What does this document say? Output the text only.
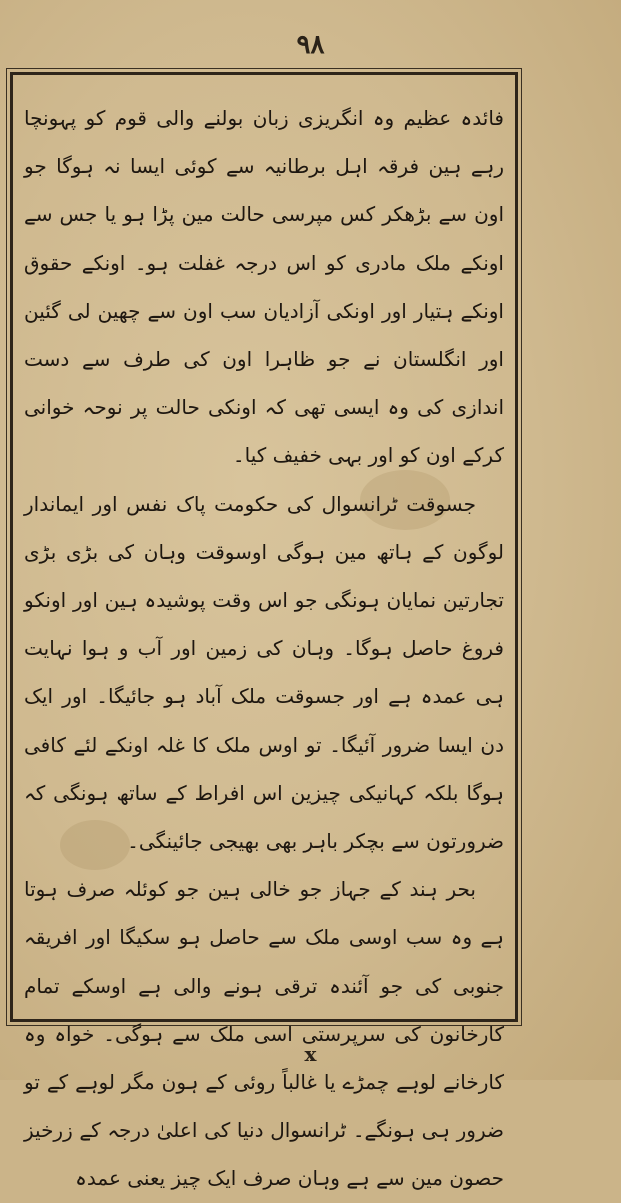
۹۸

فائدہ عظیم وہ انگریزی زبان بولنے والی قوم کو پہونچا رہے ہین فرقہ اہل برطانیہ سے کوئی ایسا نہ ہوگا جو اون سے بڑھکر کس مپرسی حالت مین پڑا ہو یا جس سے اونکے ملک مادری کو اس درجہ غفلت ہو۔ اونکے حقوق اونکے ہتیار اور اونکی آزادیان سب اون سے چھین لی گئین اور انگلستان نے جو ظاہرا اون کی طرف سے دست اندازی کی وہ ایسی تھی کہ اونکی حالت پر نوحہ خوانی کرکے اون کو اور بہی خفیف کیا۔

جسوقت ٹرانسوال کی حکومت پاک نفس اور ایماندار لوگون کے ہاتھ مین ہوگی اوسوقت وہان کی بڑی بڑی تجارتین نمایان ہونگی جو اس وقت پوشیدہ ہین اور اونکو فروغ حاصل ہوگا۔ وہان کی زمین اور آب و ہوا نہایت ہی عمدہ ہے اور جسوقت ملک آباد ہو جائیگا۔ اور ایک دن ایسا ضرور آئیگا۔ تو اوس ملک کا غلہ اونکے لئے کافی ہوگا بلکہ کہانیکی چیزین اس افراط کے ساتھ ہونگی کہ ضرورتون سے بچکر باہر بھی بھیجی جائینگی۔

بحر ہند کے جہاز جو خالی ہین جو کوئلہ صرف ہوتا ہے وہ سب اوسی ملک سے حاصل ہو سکیگا اور افریقہ جنوبی کی جو آئندہ ترقی ہونے والی ہے اوسکے تمام کارخانون کی سرپرستی اسی ملک سے ہوگی۔ خواہ وہ کارخانے لوہے چمڑے یا غالباً روئی کے ہون مگر لوہے کے تو ضرور ہی ہونگے۔ ٹرانسوال دنیا کی اعلیٰ درجہ کے زرخیز حصون مین سے ہے وہان صرف ایک چیز یعنی عمدہ

x
